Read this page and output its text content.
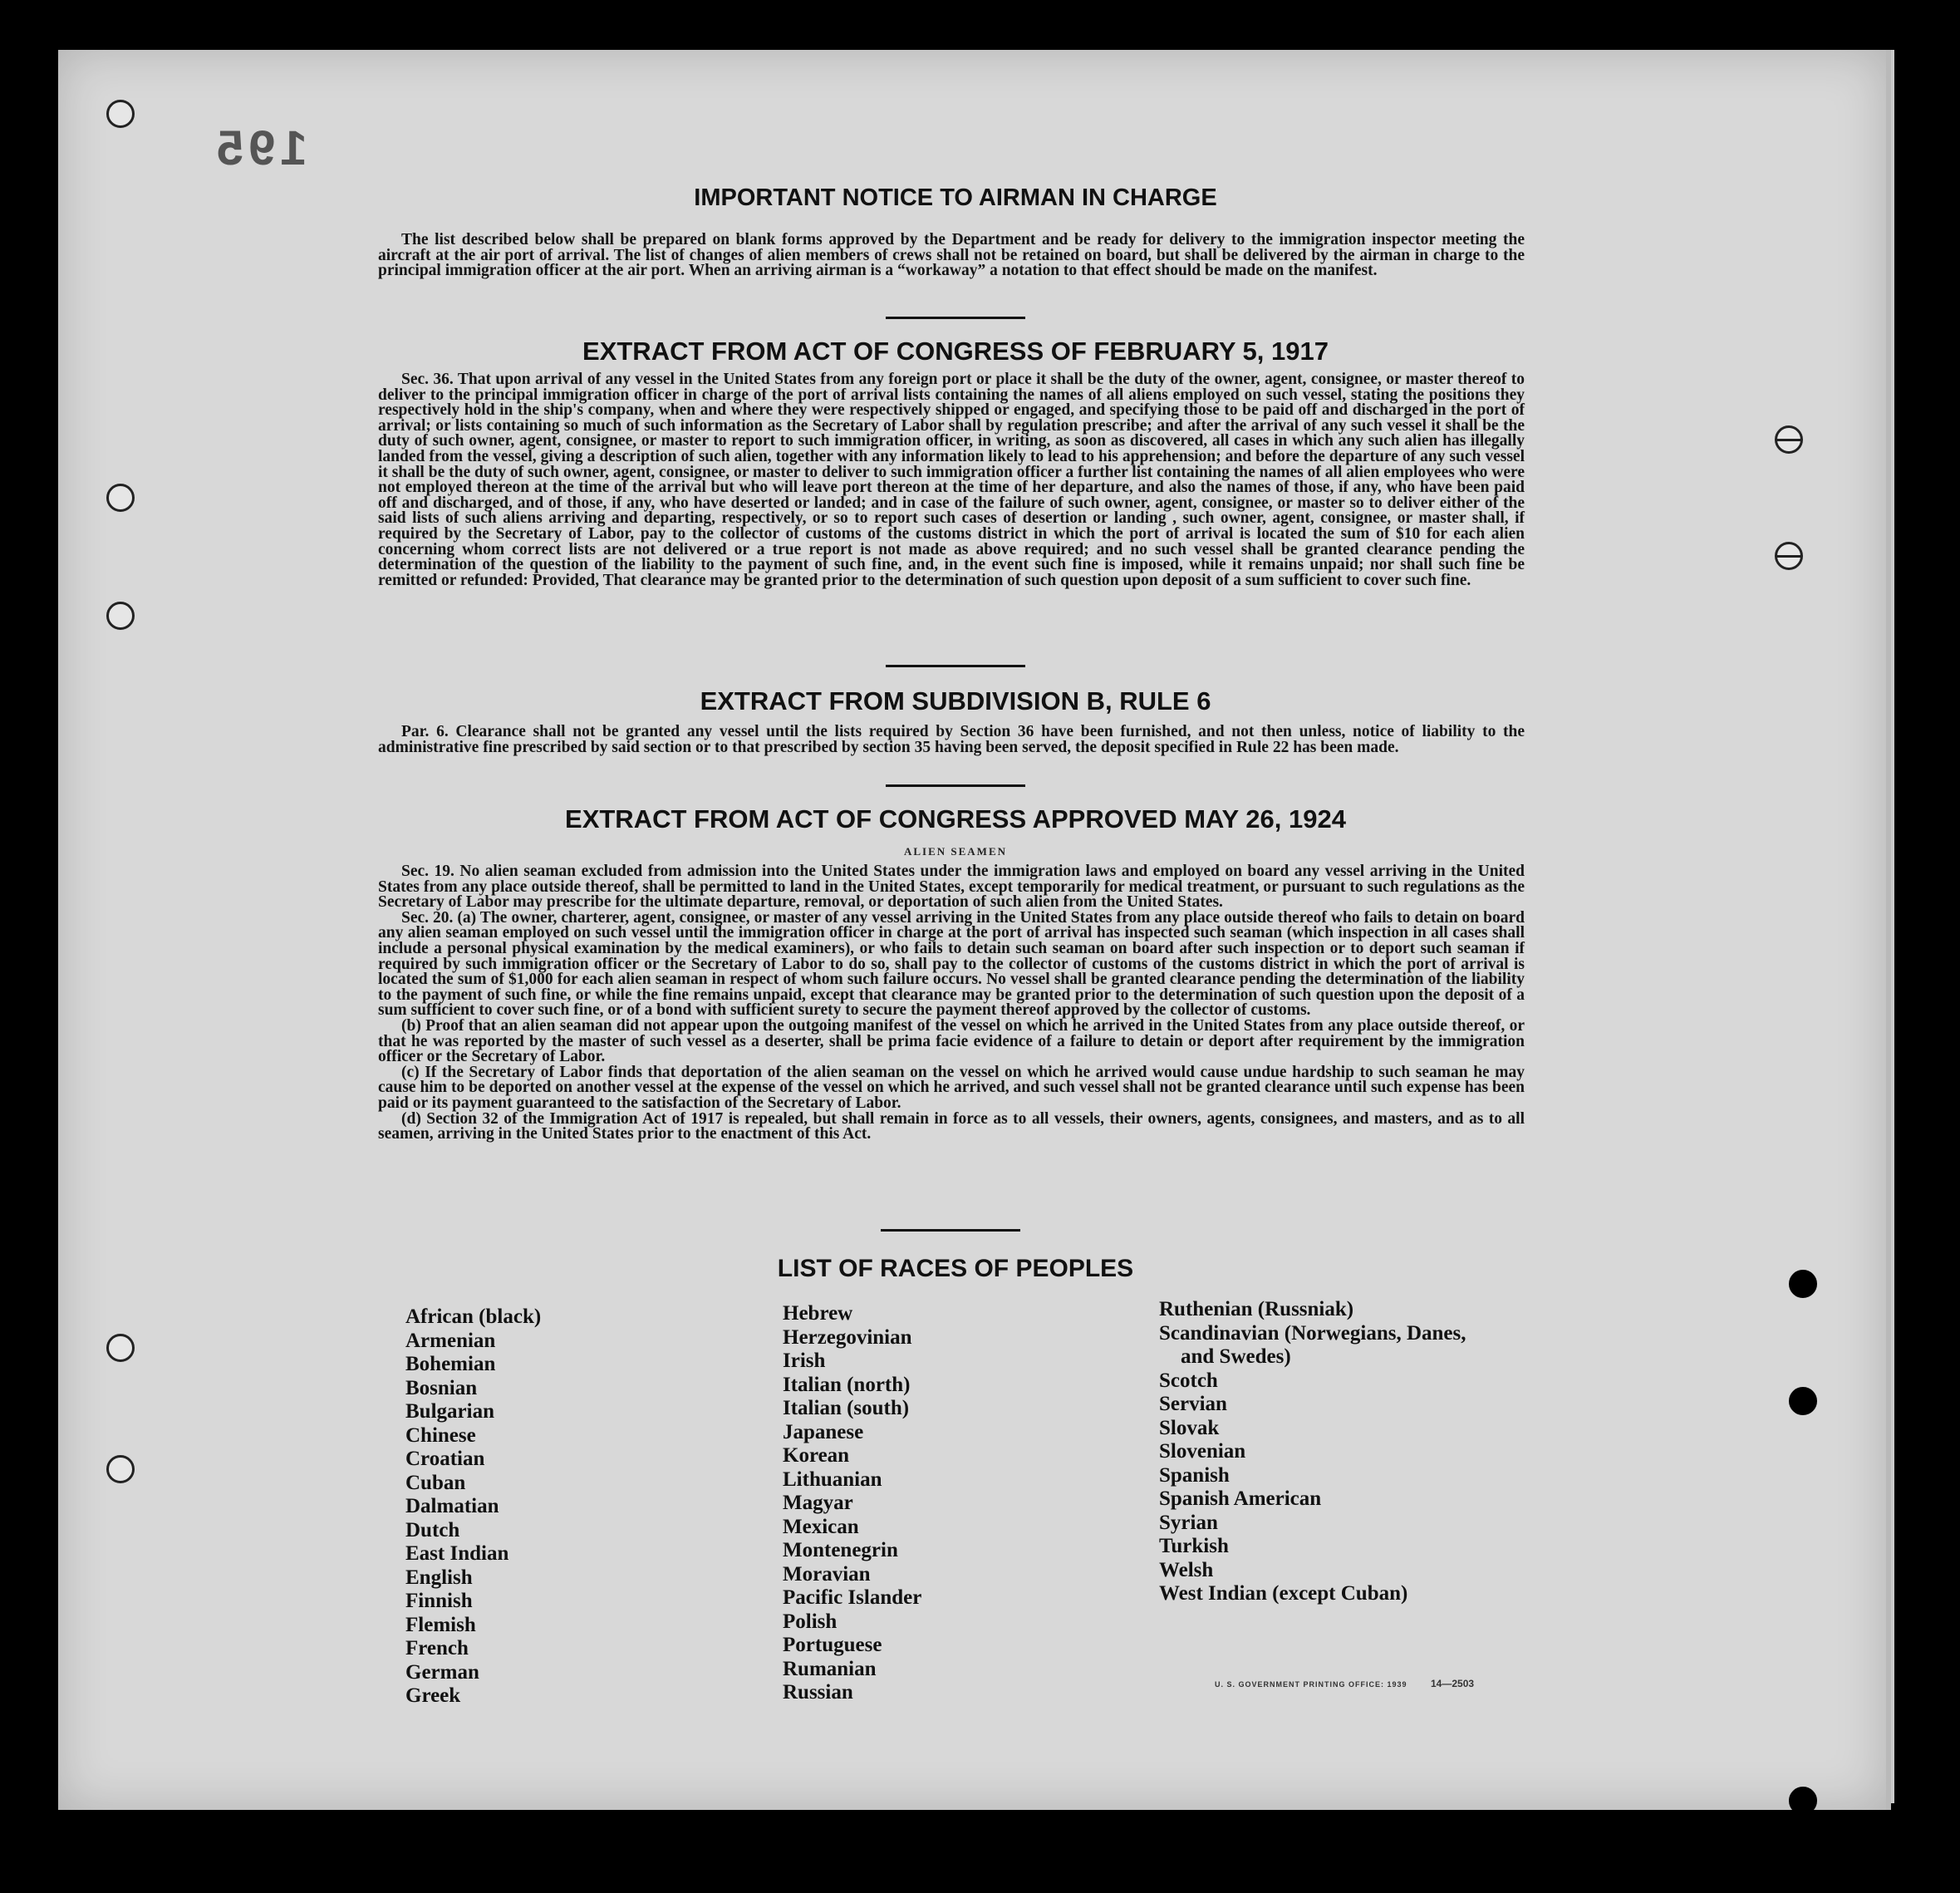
195
IMPORTANT NOTICE TO AIRMAN IN CHARGE

The list described below shall be prepared on blank forms approved by the Department and be ready for delivery to the immigration inspector meeting the aircraft at the air port of arrival. The list of changes of alien members of crews shall not be retained on board, but shall be delivered by the airman in charge to the principal immigration officer at the air port. When an arriving airman is a “workaway” a notation to that effect should be made on the manifest.

EXTRACT FROM ACT OF CONGRESS OF FEBRUARY 5, 1917

Sec. 36. That upon arrival of any vessel in the United States from any foreign port or place it shall be the duty of the owner, agent, consignee, or master thereof to deliver to the principal immigration officer in charge of the port of arrival lists containing the names of all aliens employed on such vessel, stating the positions they respectively hold in the ship's company, when and where they were respectively shipped or engaged, and specifying those to be paid off and discharged in the port of arrival; or lists containing so much of such information as the Secretary of Labor shall by regulation prescribe; and after the arrival of any such vessel it shall be the duty of such owner, agent, consignee, or master to report to such immigration officer, in writing, as soon as discovered, all cases in which any such alien has illegally landed from the vessel, giving a description of such alien, together with any information likely to lead to his apprehension; and before the departure of any such vessel it shall be the duty of such owner, agent, consignee, or master to deliver to such immigration officer a further list containing the names of all alien employees who were not employed thereon at the time of the arrival but who will leave port thereon at the time of her departure, and also the names of those, if any, who have been paid off and discharged, and of those, if any, who have deserted or landed; and in case of the failure of such owner, agent, consignee, or master so to deliver either of the said lists of such aliens arriving and departing, respectively, or so to report such cases of desertion or landing , such owner, agent, consignee, or master shall, if required by the Secretary of Labor, pay to the collector of customs of the customs district in which the port of arrival is located the sum of $10 for each alien concerning whom correct lists are not delivered or a true report is not made as above required; and no such vessel shall be granted clearance pending the determination of the question of the liability to the payment of such fine, and, in the event such fine is imposed, while it remains unpaid; nor shall such fine be remitted or refunded: Provided, That clearance may be granted prior to the determination of such question upon deposit of a sum sufficient to cover such fine.

EXTRACT FROM SUBDIVISION B, RULE 6

Par. 6. Clearance shall not be granted any vessel until the lists required by Section 36 have been furnished, and not then unless, notice of liability to the administrative fine prescribed by said section or to that prescribed by section 35 having been served, the deposit specified in Rule 22 has been made.

EXTRACT FROM ACT OF CONGRESS APPROVED MAY 26, 1924
ALIEN SEAMEN

Sec. 19. No alien seaman excluded from admission into the United States under the immigration laws and employed on board any vessel arriving in the United States from any place outside thereof, shall be permitted to land in the United States, except temporarily for medical treatment, or pursuant to such regulations as the Secretary of Labor may prescribe for the ultimate departure, removal, or deportation of such alien from the United States.

Sec. 20. (a) The owner, charterer, agent, consignee, or master of any vessel arriving in the United States from any place outside thereof who fails to detain on board any alien seaman employed on such vessel until the immigration officer in charge at the port of arrival has inspected such seaman (which inspection in all cases shall include a personal physical examination by the medical examiners), or who fails to detain such seaman on board after such inspection or to deport such seaman if required by such immigration officer or the Secretary of Labor to do so, shall pay to the collector of customs of the customs district in which the port of arrival is located the sum of $1,000 for each alien seaman in respect of whom such failure occurs. No vessel shall be granted clearance pending the determination of the liability to the payment of such fine, or while the fine remains unpaid, except that clearance may be granted prior to the determination of such question upon the deposit of a sum sufficient to cover such fine, or of a bond with sufficient surety to secure the payment thereof approved by the collector of customs.

(b) Proof that an alien seaman did not appear upon the outgoing manifest of the vessel on which he arrived in the United States from any place outside thereof, or that he was reported by the master of such vessel as a deserter, shall be prima facie evidence of a failure to detain or deport after requirement by the immigration officer or the Secretary of Labor.

(c) If the Secretary of Labor finds that deportation of the alien seaman on the vessel on which he arrived would cause undue hardship to such seaman he may cause him to be deported on another vessel at the expense of the vessel on which he arrived, and such vessel shall not be granted clearance until such expense has been paid or its payment guaranteed to the satisfaction of the Secretary of Labor.

(d) Section 32 of the Immigration Act of 1917 is repealed, but shall remain in force as to all vessels, their owners, agents, consignees, and masters, and as to all seamen, arriving in the United States prior to the enactment of this Act.

LIST OF RACES OF PEOPLES
African (black)
Armenian
Bohemian
Bosnian
Bulgarian
Chinese
Croatian
Cuban
Dalmatian
Dutch
East Indian
English
Finnish
Flemish
French
German
Greek
Hebrew
Herzegovinian
Irish
Italian (north)
Italian (south)
Japanese
Korean
Lithuanian
Magyar
Mexican
Montenegrin
Moravian
Pacific Islander
Polish
Portuguese
Rumanian
Russian
Ruthenian (Russniak)
Scandinavian (Norwegians, Danes,
and Swedes)
Scotch
Servian
Slovak
Slovenian
Spanish
Spanish American
Syrian
Turkish
Welsh
West Indian (except Cuban)
U. S. GOVERNMENT PRINTING OFFICE: 1939 14—2503
